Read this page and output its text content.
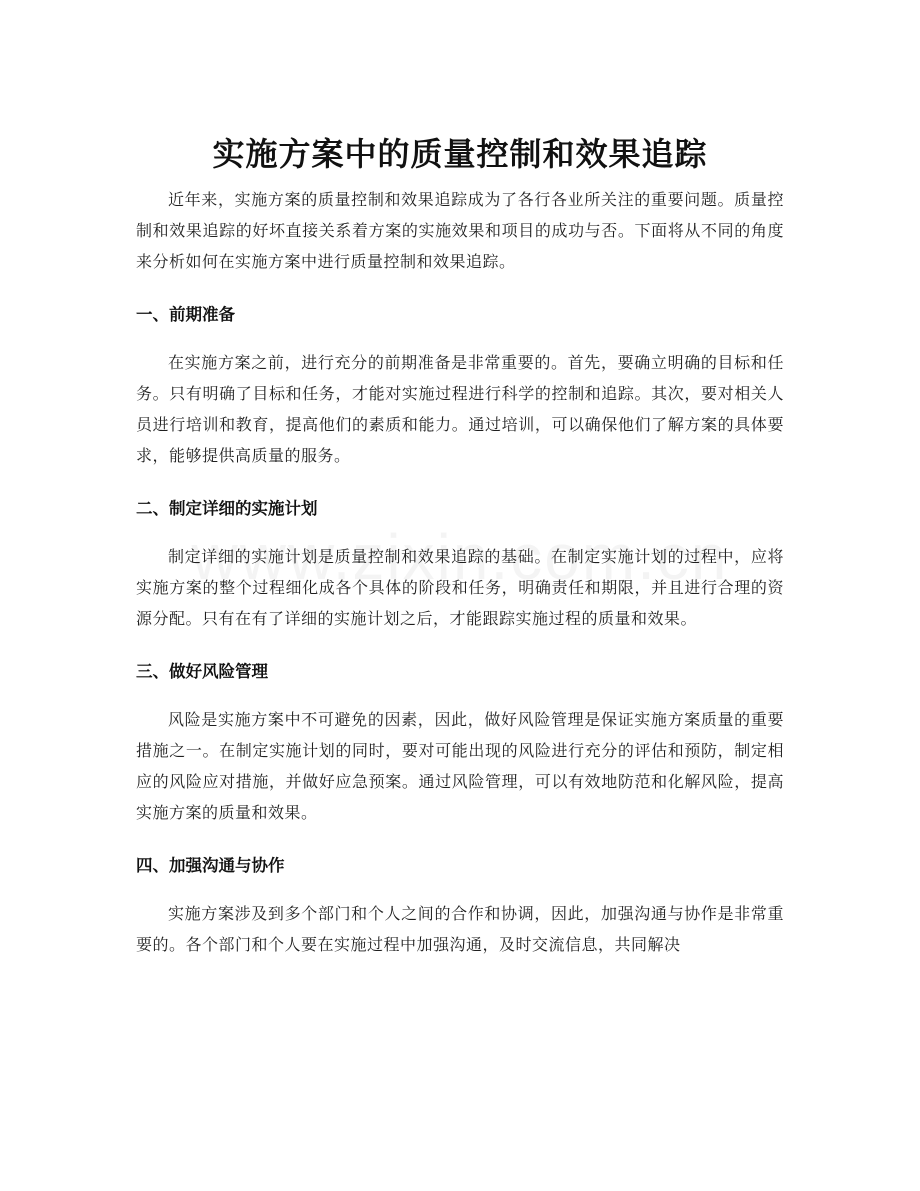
实施方案中的质量控制和效果追踪

近年来，实施方案的质量控制和效果追踪成为了各行各业所关注的重要问题。质量控制和效果追踪的好坏直接关系着方案的实施效果和项目的成功与否。下面将从不同的角度来分析如何在实施方案中进行质量控制和效果追踪。

一、前期准备

在实施方案之前，进行充分的前期准备是非常重要的。首先，要确立明确的目标和任务。只有明确了目标和任务，才能对实施过程进行科学的控制和追踪。其次，要对相关人员进行培训和教育，提高他们的素质和能力。通过培训，可以确保他们了解方案的具体要求，能够提供高质量的服务。

二、制定详细的实施计划

制定详细的实施计划是质量控制和效果追踪的基础。在制定实施计划的过程中，应将实施方案的整个过程细化成各个具体的阶段和任务，明确责任和期限，并且进行合理的资源分配。只有在有了详细的实施计划之后，才能跟踪实施过程的质量和效果。

三、做好风险管理

风险是实施方案中不可避免的因素，因此，做好风险管理是保证实施方案质量的重要措施之一。在制定实施计划的同时，要对可能出现的风险进行充分的评估和预防，制定相应的风险应对措施，并做好应急预案。通过风险管理，可以有效地防范和化解风险，提高实施方案的质量和效果。

四、加强沟通与协作

实施方案涉及到多个部门和个人之间的合作和协调，因此，加强沟通与协作是非常重要的。各个部门和个人要在实施过程中加强沟通，及时交流信息，共同解决
